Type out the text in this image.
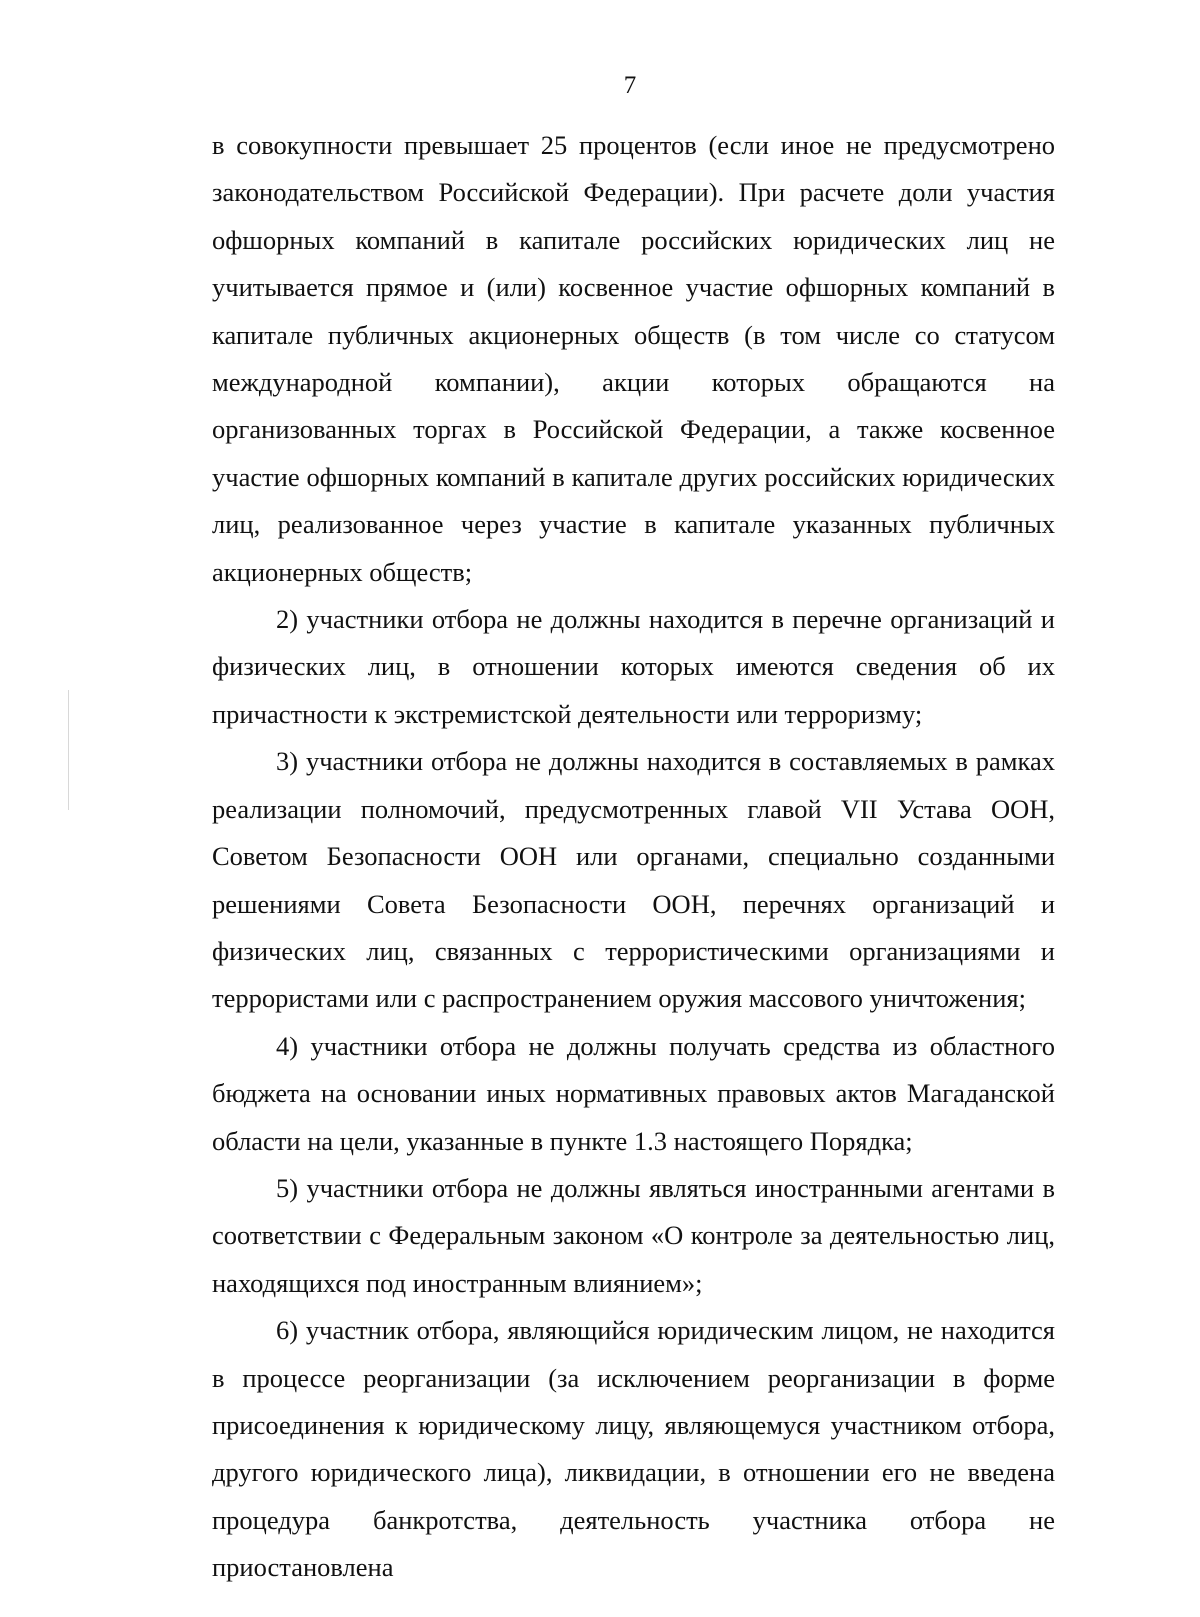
7

в совокупности превышает 25 процентов (если иное не предусмотрено законодательством Российской Федерации). При расчете доли участия офшорных компаний в капитале российских юридических лиц не учитывается прямое и (или) косвенное участие офшорных компаний в капитале публичных акционерных обществ (в том числе со статусом международной компании), акции которых обращаются на организованных торгах в Российской Федерации, а также косвенное участие офшорных компаний в капитале других российских юридических лиц, реализованное через участие в капитале указанных публичных акционерных обществ;

2) участники отбора не должны находится в перечне организаций и физических лиц, в отношении которых имеются сведения об их причастности к экстремистской деятельности или терроризму;

3) участники отбора не должны находится в составляемых в рамках реализации полномочий, предусмотренных главой VII Устава ООН, Советом Безопасности ООН или органами, специально созданными решениями Совета Безопасности ООН, перечнях организаций и физических лиц, связанных с террористическими организациями и террористами или с распространением оружия массового уничтожения;

4) участники отбора не должны получать средства из областного бюджета на основании иных нормативных правовых актов Магаданской области на цели, указанные в пункте 1.3 настоящего Порядка;

5) участники отбора не должны являться иностранными агентами в соответствии с Федеральным законом «О контроле за деятельностью лиц, находящихся под иностранным влиянием»;

6) участник отбора, являющийся юридическим лицом, не находится в процессе реорганизации (за исключением реорганизации в форме присоединения к юридическому лицу, являющемуся участником отбора, другого юридического лица), ликвидации, в отношении его не введена процедура банкротства, деятельность участника отбора не приостановлена
